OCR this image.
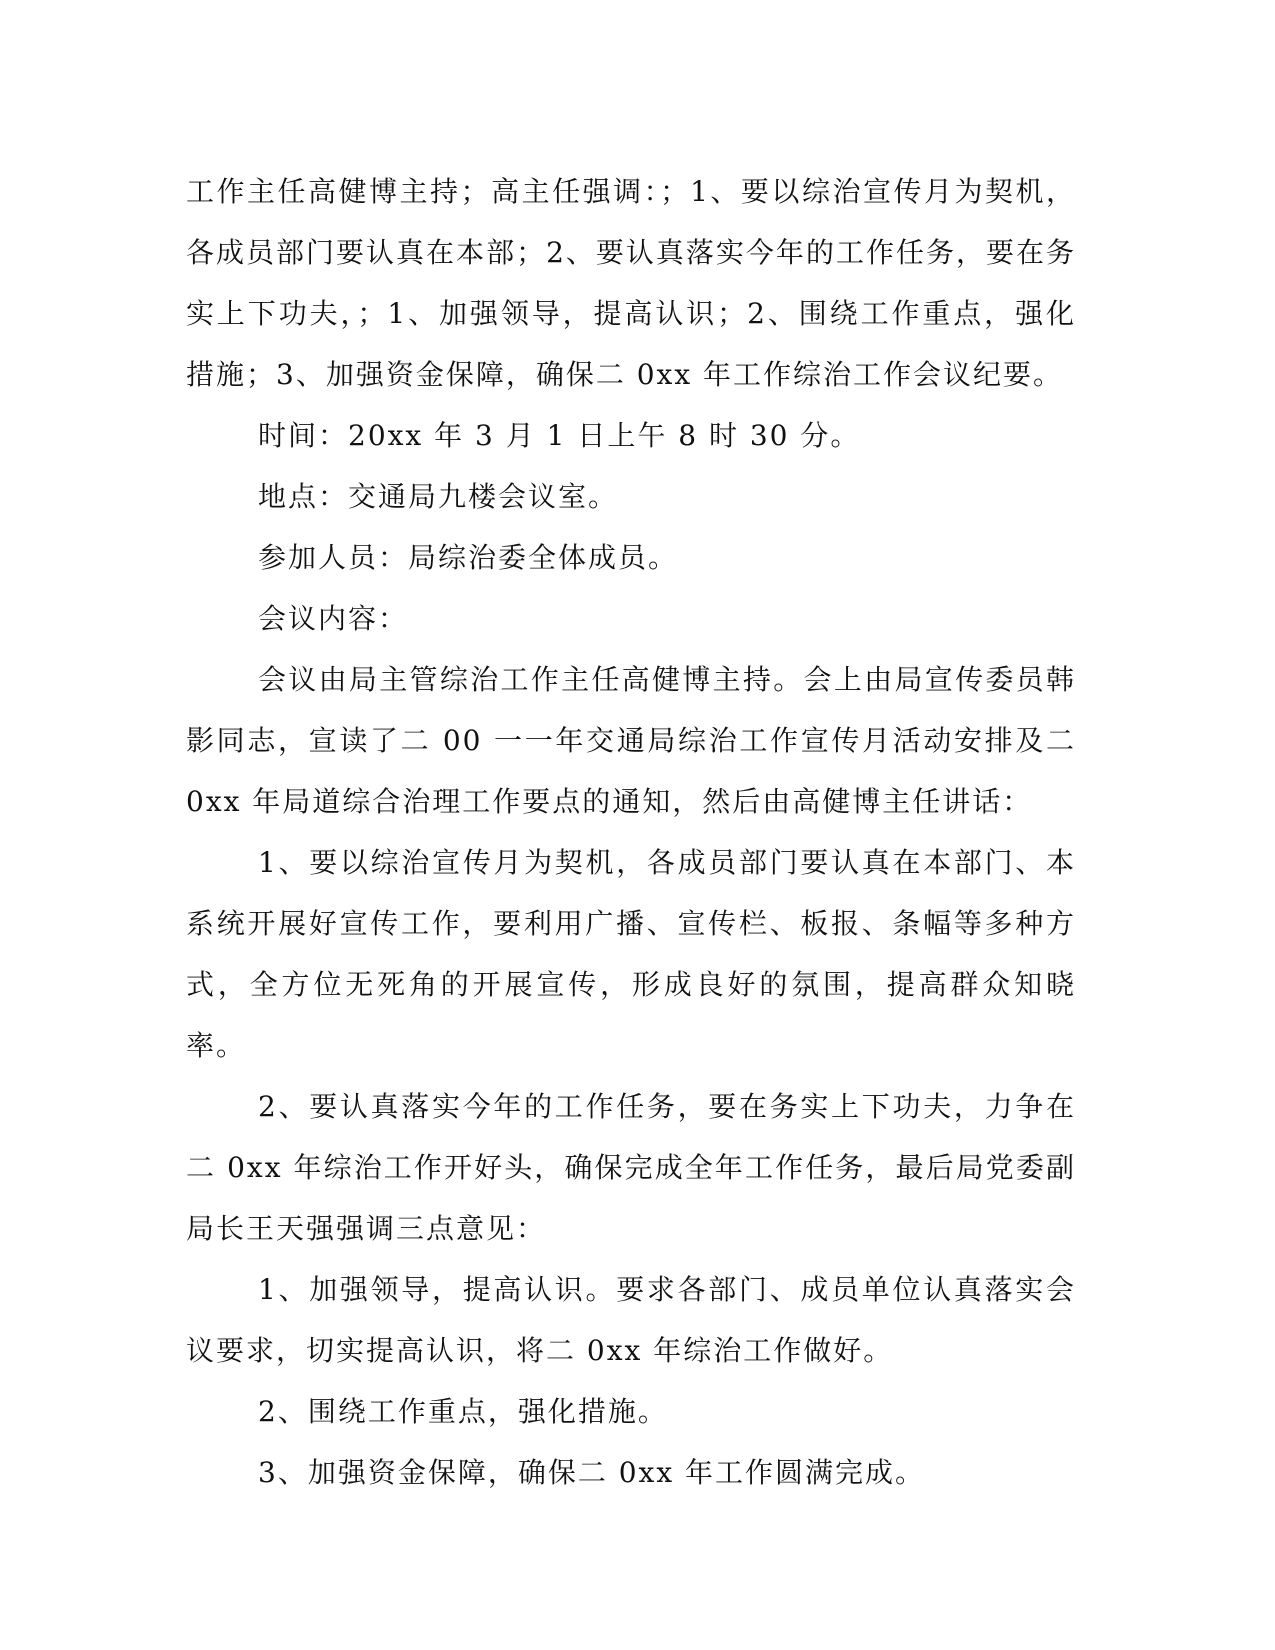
工作主任高健博主持；高主任强调：；1、要以综治宣传月为契机，各成员部门要认真在本部；2、要认真落实今年的工作任务，要在务实上下功夫，；1、加强领导，提高认识；2、围绕工作重点，强化措施；3、加强资金保障，确保二 0xx 年工作综治工作会议纪要。

时间：20xx 年 3 月 1 日上午 8 时 30 分。

地点：交通局九楼会议室。

参加人员：局综治委全体成员。

会议内容：

会议由局主管综治工作主任高健博主持。会上由局宣传委员韩影同志，宣读了二 00 一一年交通局综治工作宣传月活动安排及二 0xx 年局道综合治理工作要点的通知，然后由高健博主任讲话：

1、要以综治宣传月为契机，各成员部门要认真在本部门、本系统开展好宣传工作，要利用广播、宣传栏、板报、条幅等多种方式，全方位无死角的开展宣传，形成良好的氛围，提高群众知晓率。

2、要认真落实今年的工作任务，要在务实上下功夫，力争在二 0xx 年综治工作开好头，确保完成全年工作任务，最后局党委副局长王天强强调三点意见：

1、加强领导，提高认识。要求各部门、成员单位认真落实会议要求，切实提高认识，将二 0xx 年综治工作做好。

2、围绕工作重点，强化措施。

3、加强资金保障，确保二 0xx 年工作圆满完成。
